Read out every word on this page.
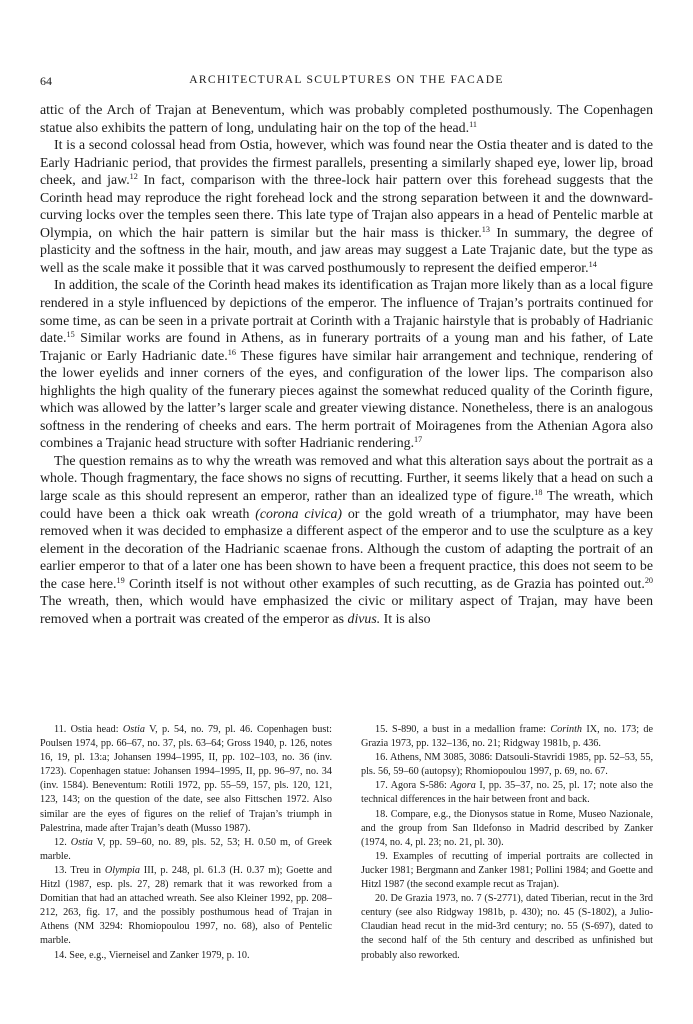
64	ARCHITECTURAL SCULPTURES ON THE FACADE

attic of the Arch of Trajan at Beneventum, which was probably completed posthumously. The Copenhagen statue also exhibits the pattern of long, undulating hair on the top of the head.$^{11}$

It is a second colossal head from Ostia, however, which was found near the Ostia theater and is dated to the Early Hadrianic period, that provides the firmest parallels, presenting a similarly shaped eye, lower lip, broad cheek, and jaw.$^{12}$ In fact, comparison with the three-lock hair pattern over this forehead suggests that the Corinth head may reproduce the right forehead lock and the strong separation between it and the downward-curving locks over the temples seen there. This late type of Trajan also appears in a head of Pentelic marble at Olympia, on which the hair pattern is similar but the hair mass is thicker.$^{13}$ In summary, the degree of plasticity and the softness in the hair, mouth, and jaw areas may suggest a Late Trajanic date, but the type as well as the scale make it possible that it was carved posthumously to represent the deified emperor.$^{14}$

In addition, the scale of the Corinth head makes its identification as Trajan more likely than as a local figure rendered in a style influenced by depictions of the emperor. The influence of Trajan’s portraits continued for some time, as can be seen in a private portrait at Corinth with a Trajanic hairstyle that is probably of Hadrianic date.$^{15}$ Similar works are found in Athens, as in funerary portraits of a young man and his father, of Late Trajanic or Early Hadrianic date.$^{16}$ These figures have similar hair arrangement and technique, rendering of the lower eyelids and inner corners of the eyes, and configuration of the lower lips. The comparison also highlights the high quality of the funerary pieces against the somewhat reduced quality of the Corinth figure, which was allowed by the latter’s larger scale and greater viewing distance. Nonetheless, there is an analogous softness in the rendering of cheeks and ears. The herm portrait of Moiragenes from the Athenian Agora also combines a Trajanic head structure with softer Hadrianic rendering.$^{17}$

The question remains as to why the wreath was removed and what this alteration says about the portrait as a whole. Though fragmentary, the face shows no signs of recutting. Further, it seems likely that a head on such a large scale as this should represent an emperor, rather than an idealized type of figure.$^{18}$ The wreath, which could have been a thick oak wreath (corona civica) or the gold wreath of a triumphator, may have been removed when it was decided to emphasize a different aspect of the emperor and to use the sculpture as a key element in the decoration of the Hadrianic scaenae frons. Although the custom of adapting the portrait of an earlier emperor to that of a later one has been shown to have been a frequent practice, this does not seem to be the case here.$^{19}$ Corinth itself is not without other examples of such recutting, as de Grazia has pointed out.$^{20}$ The wreath, then, which would have emphasized the civic or military aspect of Trajan, may have been removed when a portrait was created of the emperor as divus. It is also

11. Ostia head: Ostia V, p. 54, no. 79, pl. 46. Copenhagen bust: Poulsen 1974, pp. 66–67, no. 37, pls. 63–64; Gross 1940, p. 126, notes 16, 19, pl. 13:a; Johansen 1994–1995, II, pp. 102–103, no. 36 (inv. 1723). Copenhagen statue: Johansen 1994–1995, II, pp. 96–97, no. 34 (inv. 1584). Beneventum: Rotili 1972, pp. 55–59, 157, pls. 120, 121, 123, 143; on the question of the date, see also Fittschen 1972. Also similar are the eyes of figures on the relief of Trajan’s triumph in Palestrina, made after Trajan’s death (Musso 1987).

12. Ostia V, pp. 59–60, no. 89, pls. 52, 53; H. 0.50 m, of Greek marble.

13. Treu in Olympia III, p. 248, pl. 61.3 (H. 0.37 m); Goette and Hitzl (1987, esp. pls. 27, 28) remark that it was reworked from a Domitian that had an attached wreath. See also Kleiner 1992, pp. 208–212, 263, fig. 17, and the possibly posthumous head of Trajan in Athens (NM 3294: Rhomiopoulou 1997, no. 68), also of Pentelic marble.

14. See, e.g., Vierneisel and Zanker 1979, p. 10.

15. S-890, a bust in a medallion frame: Corinth IX, no. 173; de Grazia 1973, pp. 132–136, no. 21; Ridgway 1981b, p. 436.

16. Athens, NM 3085, 3086: Datsouli-Stavridi 1985, pp. 52–53, 55, pls. 56, 59–60 (autopsy); Rhomiopoulou 1997, p. 69, no. 67.

17. Agora S-586: Agora I, pp. 35–37, no. 25, pl. 17; note also the technical differences in the hair between front and back.

18. Compare, e.g., the Dionysos statue in Rome, Museo Nazionale, and the group from San Ildefonso in Madrid described by Zanker (1974, no. 4, pl. 23; no. 21, pl. 30).

19. Examples of recutting of imperial portraits are collected in Jucker 1981; Bergmann and Zanker 1981; Pollini 1984; and Goette and Hitzl 1987 (the second example recut as Trajan).

20. De Grazia 1973, no. 7 (S-2771), dated Tiberian, recut in the 3rd century (see also Ridgway 1981b, p. 430); no. 45 (S-1802), a Julio-Claudian head recut in the mid-3rd century; no. 55 (S-697), dated to the second half of the 5th century and described as unfinished but probably also reworked.
